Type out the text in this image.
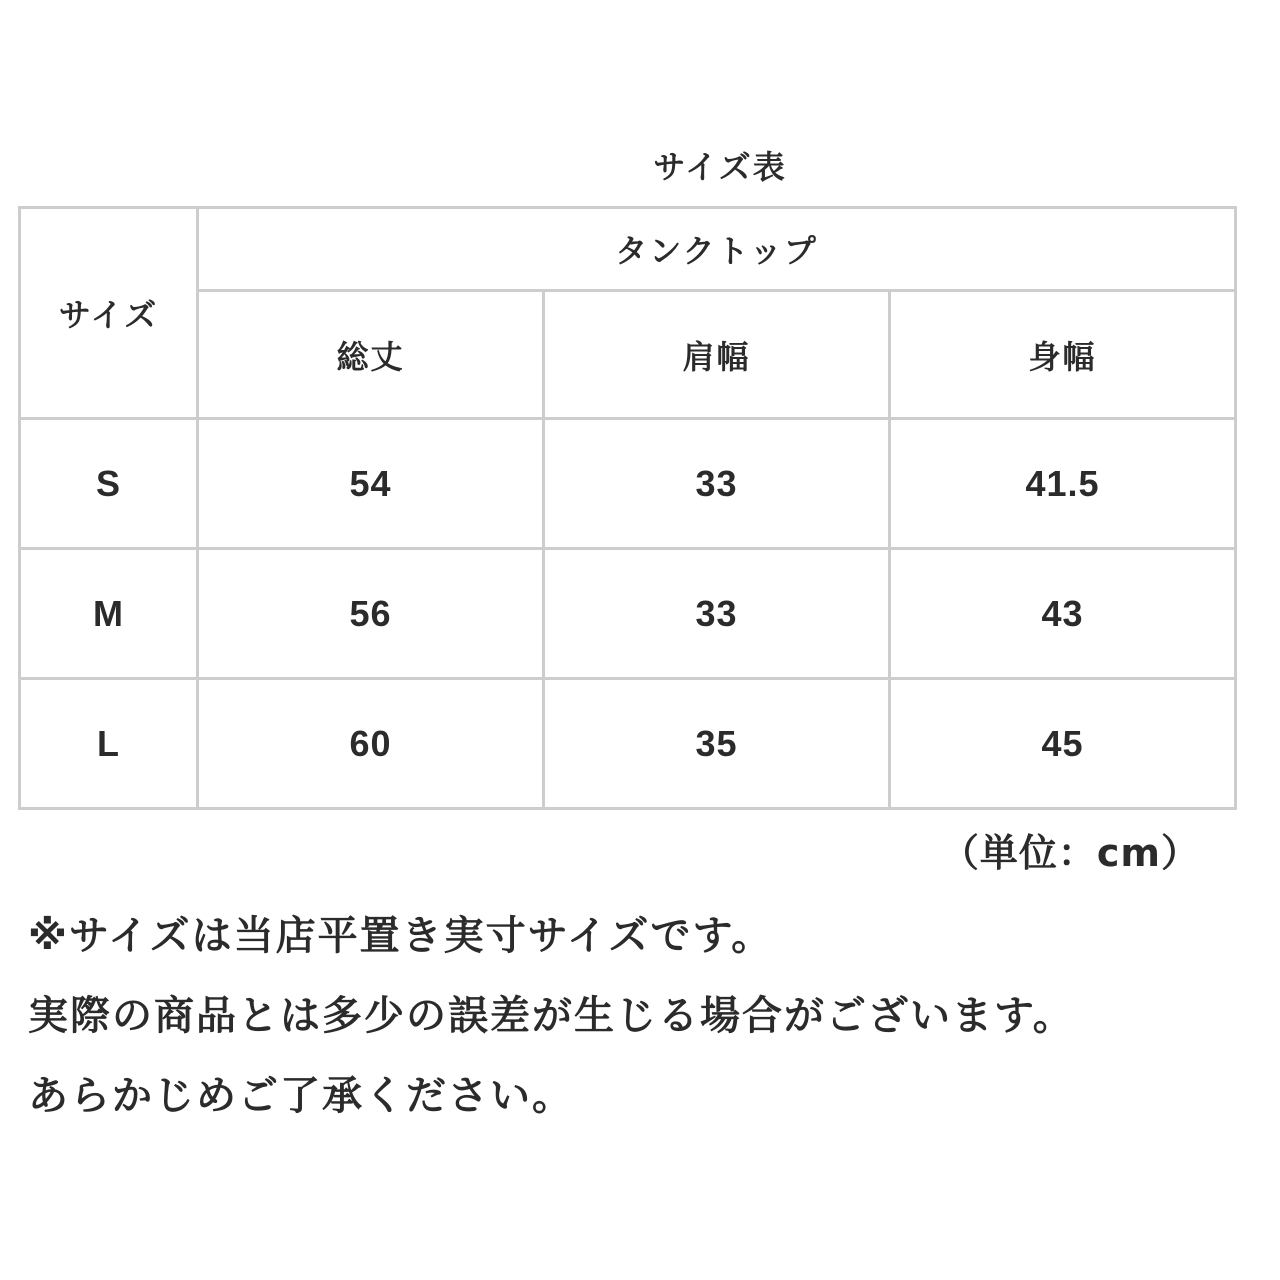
サイズ表
サイズ	タンクトップ		
	総丈	肩幅	身幅
S	54	33	41.5
M	56	33	43
L	60	35	45
（単位：cm）
※サイズは当店平置き実寸サイズです。
実際の商品とは多少の誤差が生じる場合がございます。
あらかじめご了承ください。
